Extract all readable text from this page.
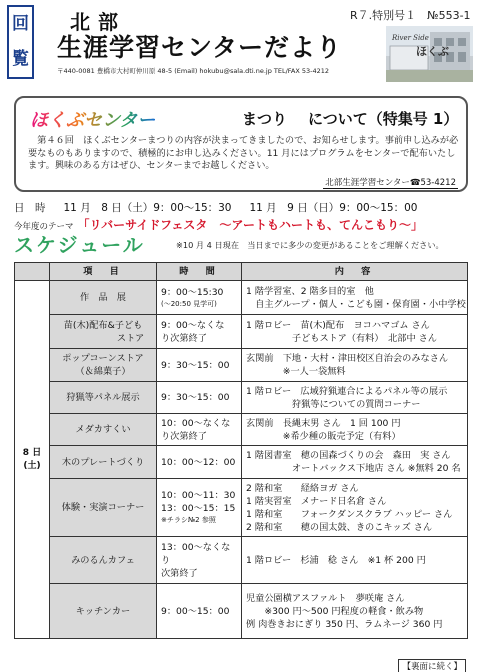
回
覧
北部
生涯学習センターだより
R７.特別号１　№553-1
〒440-0081 豊橋市大村町仲川原 48-5 (Email) hokubu@sala.dti.ne.jp TEL/FAX 53-4212
River Side
ほくぶ
ほくぶセンター	まつり について（特集号 1）
第４６回　ほくぶセンターまつりの内容が決まってきましたので、お知らせします。事前申し込みが必要なものもありますので、積極的にお申し込みください。11 月にはプログラムをセンターで配布いたします。興味のある方はぜひ、センターまでお越しください。
北部生涯学習センター☎53-4212
日　時 11 月　8 日（土）9：00～15：30 11 月　9 日（日）9：00～15：00
今年度のテーマ 「リバーサイドフェスタ　～アートもハートも、てんこもり～」
スケジュール	※10 月 4 日現在　当日までに多少の変更があることをご理解ください。
	項　目	時　間	内　容

8 日
(土)	作　品　展	9：00～15:30
(〜20:50 見学可)	1 階学習室、2 階多目的室　他
　自主グループ・個人・こども園・保育園・小中学校

	苗(木)配布&子ども
　　　　　　ストア	9：00～なくな
り次第終了	1 階ロビー　苗(木)配布　ヨコハマゴム さん
　　　　　子どもストア（有料）　北部中 さん

	ポップコーンストア
（＆綿菓子）	9：30～15：00	玄関前　下地・大村・津田校区自治会のみなさん
　　　　※一人一袋無料

	狩猟等パネル展示	9：30～15：00	1 階ロビー　広域狩猟連合によるパネル等の展示
　　　　　狩猟等についての質問コーナー

	メダカすくい	10：00～なくな
り次第終了	玄関前　長縄末男 さん　1 回 100 円
　　　　※希少種の販売予定（有料）

	木のプレートづくり	10：00～12：00	1 階図書室　穂の国森づくりの会　森田　実 さん
　　　　　オートバックス下地店 さん ※無料 20 名

	体験・実演コーナー	10：00～11：30
13：00～15：15
※チラシ№2 参照	2 階和室　　経絡ヨガ さん
1 階実習室　メナード日名倉 さん
1 階和室　　フォークダンスクラブ ハッピー さん
2 階和室　　穂の国太鼓、きのこキッズ さん

	みのるんカフェ	13：00～なくな
り
次第終了	1 階ロビー　杉浦　稔 さん　※1 杯 200 円

	キッチンカー	9：00～15：00	児童公園横アスファルト　夢咲庵 さん
　　※300 円～500 円程度の軽食・飲み物
例 肉巻きおにぎり 350 円、ラムネージ 360 円
【裏面に続く】
